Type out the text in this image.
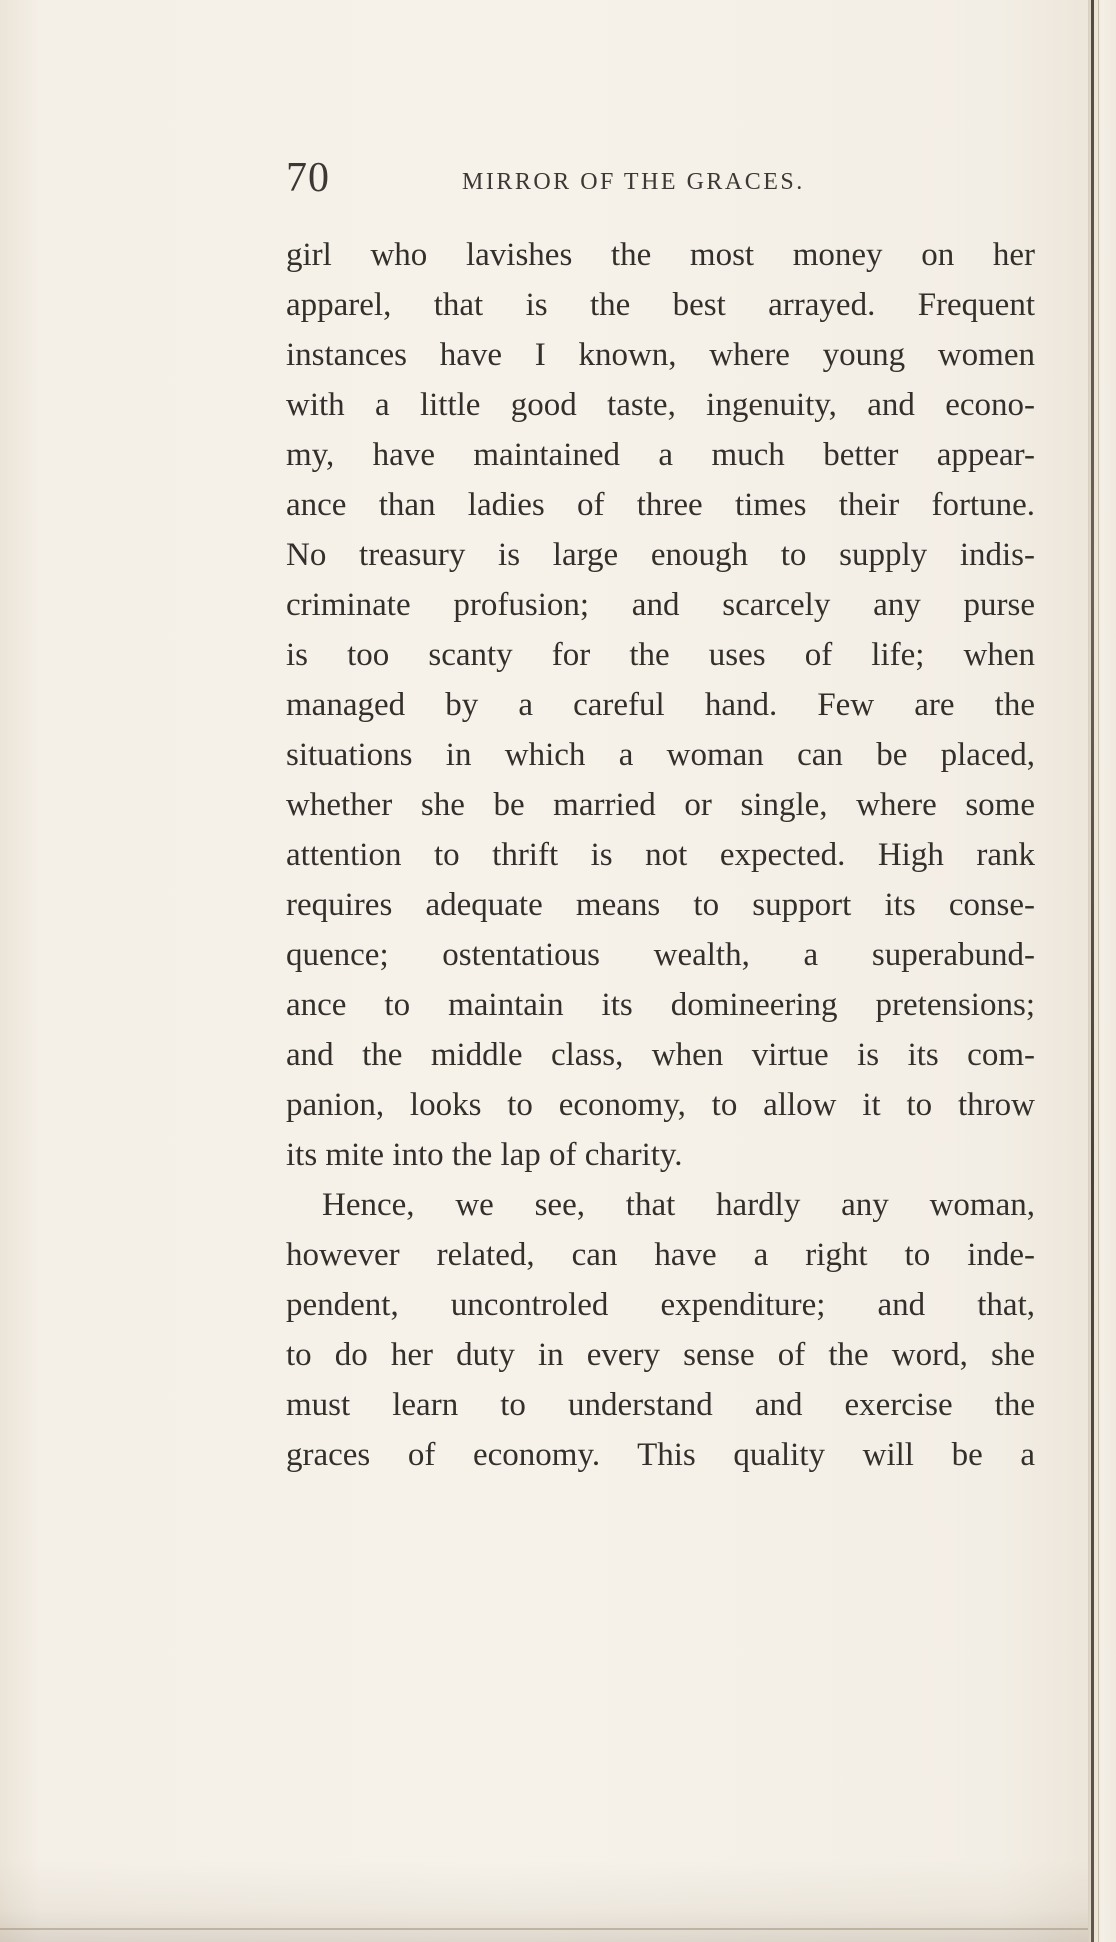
70	MIRROR OF THE GRACES.
girl who lavishes the most money on her
apparel, that is the best arrayed. Frequent
instances have I known, where young women
with a little good taste, ingenuity, and econo-
my, have maintained a much better appear-
ance than ladies of three times their fortune.
No treasury is large enough to supply indis-
criminate profusion; and scarcely any purse
is too scanty for the uses of life; when
managed by a careful hand. Few are the
situations in which a woman can be placed,
whether she be married or single, where some
attention to thrift is not expected. High rank
requires adequate means to support its conse-
quence; ostentatious wealth, a superabund-
ance to maintain its domineering pretensions;
and the middle class, when virtue is its com-
panion, looks to economy, to allow it to throw
its mite into the lap of charity.
Hence, we see, that hardly any woman,
however related, can have a right to inde-
pendent, uncontroled expenditure; and that,
to do her duty in every sense of the word, she
must learn to understand and exercise the
graces of economy. This quality will be a
